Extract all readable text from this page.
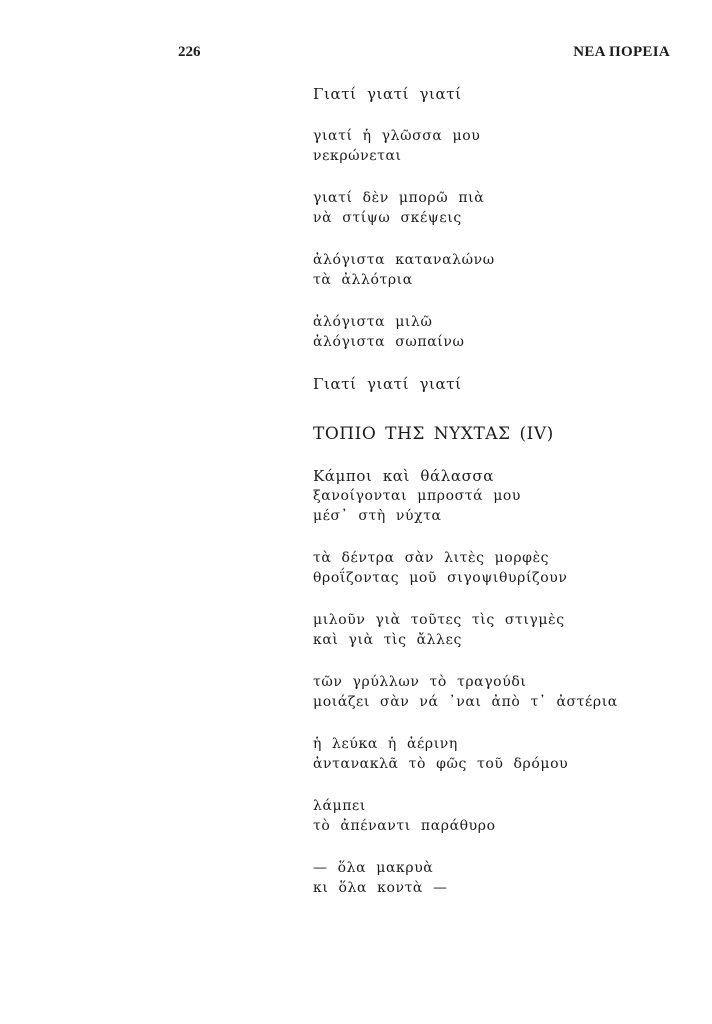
226	ΝΕΑ ΠΟΡΕΙΑ
Γιατί γιατί γιατί
γιατί ἡ γλῶσσα μου
νεκρώνεται
γιατί δὲν μπορῶ πιὰ
νὰ στίψω σκέψεις
ἀλόγιστα καταναλώνω
τὰ ἀλλότρια
ἀλόγιστα μιλῶ
ἀλόγιστα σωπαίνω
Γιατί γιατί γιατί
ΤΟΠΙΟ ΤΗΣ ΝΥΧΤΑΣ (IV)
Κάμποι καὶ θάλασσα
ξανοίγονται μπροστά μου
μέσ᾽ στὴ νύχτα
τὰ δέντρα σὰν λιτὲς μορφὲς
θροΐζοντας μοῦ σιγοψιθυρίζουν
μιλοῦν γιὰ τοῦτες τὶς στιγμὲς
καὶ γιὰ τὶς ἄλλες
τῶν γρύλλων τὸ τραγούδι
μοιάζει σὰν νά ᾽ναι ἀπὸ τ᾽ ἀστέρια
ἡ λεύκα ἡ ἀέρινη
ἀντανακλᾶ τὸ φῶς τοῦ δρόμου
λάμπει
τὸ ἀπέναντι παράθυρο
— ὅλα μακρυὰ
κι ὅλα κοντὰ —
